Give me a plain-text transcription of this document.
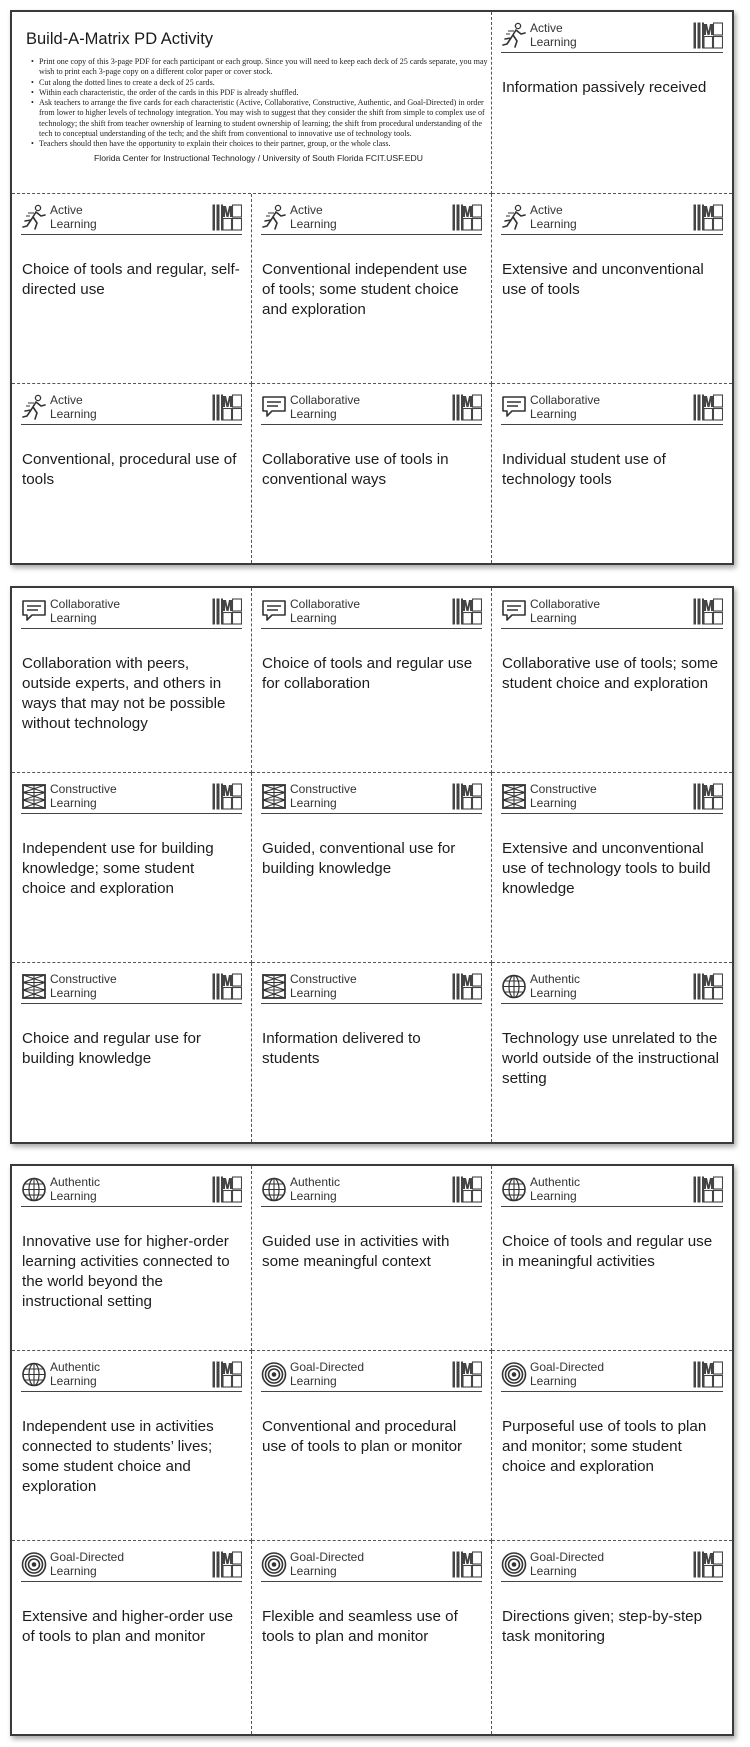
Build-A-Matrix PD Activity
• Print one copy of this 3-page PDF for each participant or each group. Since you will need to keep each deck of 25 cards separate, you may wish to print each 3-page copy on a different color paper or cover stock.
• Cut along the dotted lines to create a deck of 25 cards.
• Within each characteristic, the order of the cards in this PDF is already shuffled.
• Ask teachers to arrange the five cards for each characteristic (Active, Collaborative, Constructive, Authentic, and Goal-Directed) in order from lower to higher levels of technology integration. You may wish to suggest that they consider the shift from simple to complex use of technology; the shift from teacher ownership of learning to student ownership of learning; the shift from procedural understanding of the tech to conceptual understanding of the tech; and the shift from conventional to innovative use of technology tools.
• Teachers should then have the opportunity to explain their choices to their partner, group, or the whole class.
Florida Center for Instructional Technology / University of South Florida FCIT.USF.EDU
Active
Learning
Information passively received
Active
Learning
Choice of tools and regular, self-directed use
Active
Learning
Conventional independent use of tools; some student choice and exploration
Active
Learning
Extensive and unconventional use of tools
Active
Learning
Conventional, procedural use of tools
Collaborative
Learning
Collaborative use of tools in conventional ways
Collaborative
Learning
Individual student use of technology tools
Collaborative
Learning
Collaboration with peers, outside experts, and others in ways that may not be possible without technology
Collaborative
Learning
Choice of tools and regular use for collaboration
Collaborative
Learning
Collaborative use of tools; some student choice and exploration
Constructive
Learning
Independent use for building knowledge; some student choice and exploration
Constructive
Learning
Guided, conventional use for building knowledge
Constructive
Learning
Extensive and unconventional use of technology tools to build knowledge
Constructive
Learning
Choice and regular use for building knowledge
Constructive
Learning
Information delivered to students
Authentic
Learning
Technology use unrelated to the world outside of the instructional setting
Authentic
Learning
Innovative use for higher-order learning activities connected to the world beyond the instructional setting
Authentic
Learning
Guided use in activities with some meaningful context
Authentic
Learning
Choice of tools and regular use in meaningful activities
Authentic
Learning
Independent use in activities connected to students’ lives; some student choice and exploration
Goal-Directed
Learning
Conventional and procedural use of tools to plan or monitor
Goal-Directed
Learning
Purposeful use of tools to plan and monitor; some student choice and exploration
Goal-Directed
Learning
Extensive and higher-order use of tools to plan and monitor
Goal-Directed
Learning
Flexible and seamless use of tools to plan and monitor
Goal-Directed
Learning
Directions given; step-by-step task monitoring
